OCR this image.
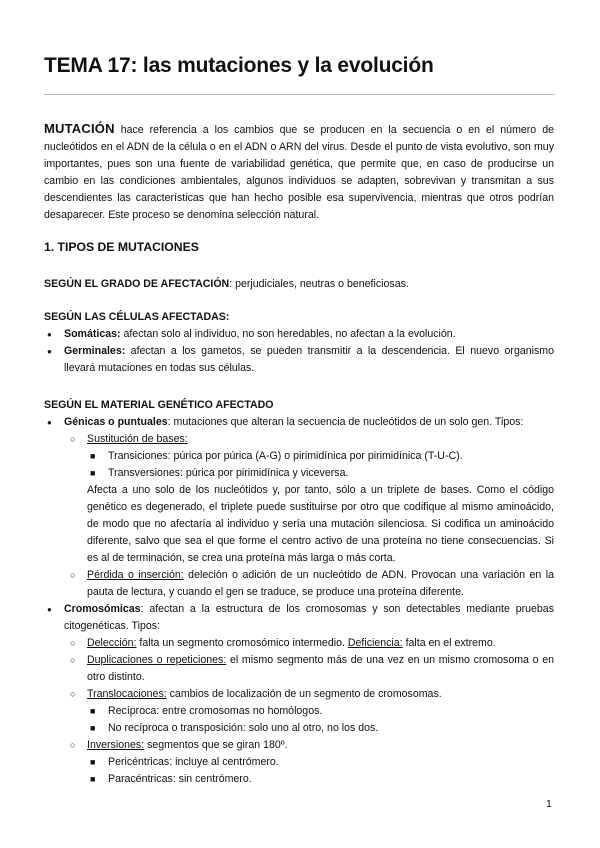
TEMA 17: las mutaciones y la evolución

MUTACIÓN hace referencia a los cambios que se producen en la secuencia o en el número de nucleótidos en el ADN de la célula o en el ADN o ARN del virus. Desde el punto de vista evolutivo, son muy importantes, pues son una fuente de variabilidad genética, que permite que, en caso de producirse un cambio en las condiciones ambientales, algunos individuos se adapten, sobrevivan y transmitan a sus descendientes las características que han hecho posible esa supervivencia, mientras que otros podrían desaparecer. Este proceso se denomina selección natural.

1. TIPOS DE MUTACIONES
SEGÚN EL GRADO DE AFECTACIÓN: perjudiciales, neutras o beneficiosas.
SEGÚN LAS CÉLULAS AFECTADAS:
● Somáticas: afectan solo al individuo, no son heredables, no afectan a la evolución.
● Germinales: afectan a los gametos, se pueden transmitir a la descendencia. El nuevo organismo llevará mutaciones en todas sus células.
SEGÚN EL MATERIAL GENÉTICO AFECTADO
● Génicas o puntuales: mutaciones que alteran la secuencia de nucleótidos de un solo gen. Tipos:
○ Sustitución de bases:
■ Transiciones: púrica por púrica (A-G) o pirimidínica por pirimidínica (T-U-C).
■ Transversiones: púrica por pirimidínica y viceversa.
Afecta a uno solo de los nucleótidos y, por tanto, sólo a un triplete de bases. Como el código genético es degenerado, el triplete puede sustituirse por otro que codifique al mismo aminoácido, de modo que no afectaría al individuo y sería una mutación silenciosa. Si codifica un aminoácido diferente, salvo que sea el que forme el centro activo de una proteína no tiene consecuencias. Si es al de terminación, se crea una proteína más larga o más corta.
○ Pérdida o inserción: deleción o adición de un nucleótido de ADN. Provocan una variación en la pauta de lectura, y cuando el gen se traduce, se produce una proteína diferente.
● Cromosómicas: afectan a la estructura de los cromosomas y son detectables mediante pruebas citogenéticas. Tipos:
○ Delección: falta un segmento cromosómico intermedio. Deficiencia: falta en el extremo.
○ Duplicaciones o repeticiones: el mismo segmento más de una vez en un mismo cromosoma o en otro distinto.
○ Translocaciones: cambios de localización de un segmento de cromosomas.
■ Recíproca: entre cromosomas no homólogos.
■ No recíproca o transposición: solo uno al otro, no los dos.
○ Inversiones: segmentos que se giran 180º.
■ Pericéntricas: incluye al centrómero.
■ Paracéntricas: sin centrómero.
1
